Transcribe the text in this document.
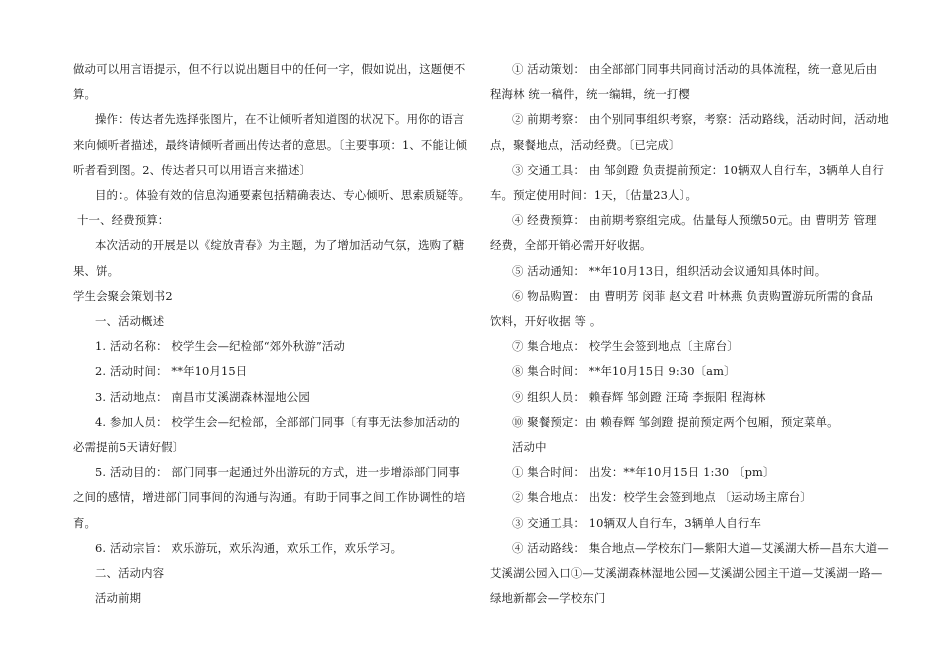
做动可以用言语提示，但不行以说出题目中的任何一字，假如说出，这题便不
算。
操作：传达者先选择张图片，在不让倾听者知道图的状况下。用你的语言
来向倾听者描述，最终请倾听者画出传达者的意思。〔主要事项：1、不能让倾
听者看到图。2、传达者只可以用语言来描述〕
目的：。体验有效的信息沟通要素包括精确表达、专心倾听、思索质疑等。
十一、经费预算：
本次活动的开展是以《绽放青春》为主题，为了增加活动气氛，选购了糖
果、饼。
学生会聚会策划书2
一、活动概述
1. 活动名称： 校学生会—纪检部“郊外秋游”活动
2. 活动时间： **年10月15日
3. 活动地点： 南昌市艾溪湖森林湿地公园
4. 参加人员： 校学生会—纪检部，全部部门同事〔有事无法参加活动的
必需提前5天请好假〕
5. 活动目的： 部门同事一起通过外出游玩的方式，进一步增添部门同事
之间的感情，增进部门同事间的沟通与沟通。有助于同事之间工作协调性的培
育。
6. 活动宗旨： 欢乐游玩，欢乐沟通，欢乐工作，欢乐学习。
二、活动内容
活动前期
① 活动策划： 由全部部门同事共同商讨活动的具体流程，统一意见后由
程海林 统一稿件，统一编辑，统一打樱
② 前期考察： 由个别同事组织考察，考察：活动路线，活动时间，活动地
点，聚餐地点，活动经费。〔已完成〕
③ 交通工具： 由 邹剑蹬 负责提前预定：10辆双人自行车，3辆单人自行
车。预定使用时间：1天，〔估量23人〕。
④ 经费预算： 由前期考察组完成。估量每人预缴50元。由 曹明芳 管理
经费，全部开销必需开好收据。
⑤ 活动通知： **年10月13日，组织活动会议通知具体时间。
⑥ 物品购置： 由 曹明芳 闵菲 赵文君 叶林燕 负责购置游玩所需的食品
饮料，开好收据 等 。
⑦ 集合地点： 校学生会签到地点〔主席台〕
⑧ 集合时间： **年10月15日 9:30〔am〕
⑨ 组织人员： 赖春辉 邹剑蹬 汪琦 李振阳 程海林
⑩ 聚餐预定：由 赖春辉 邹剑蹬 提前预定两个包厢，预定菜单。
活动中
① 集合时间： 出发：**年10月15日 1:30 〔pm〕
② 集合地点： 出发：校学生会签到地点 〔运动场主席台〕
③ 交通工具： 10辆双人自行车，3辆单人自行车
④ 活动路线： 集合地点—学校东门—紫阳大道—艾溪湖大桥—昌东大道—
艾溪湖公园入口①—艾溪湖森林湿地公园—艾溪湖公园主干道—艾溪湖一路—
绿地新都会—学校东门
